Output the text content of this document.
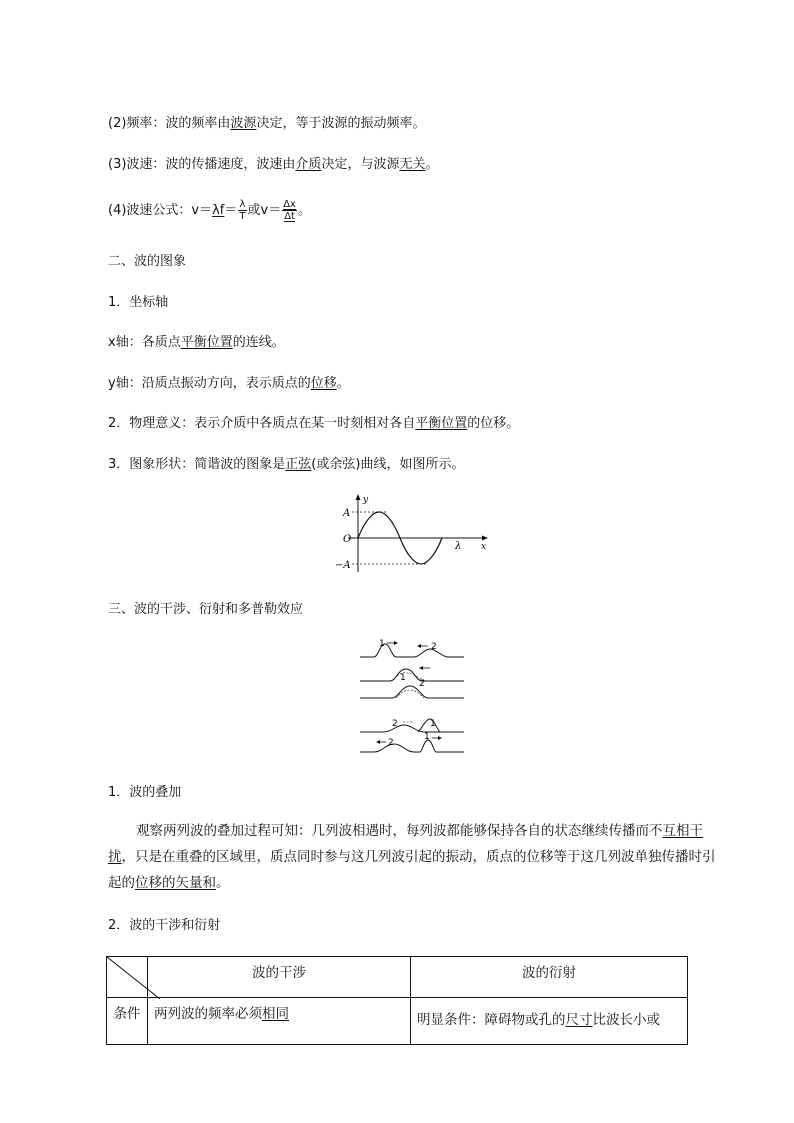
(2)频率：波的频率由波源决定，等于波源的振动频率。
(3)波速：波的传播速度，波速由介质决定，与波源无关。
(4)波速公式：$v=\lambda f= \frac{\lambda}{T}$ 或$v= \frac{\Delta x}{\Delta t}$ 。
二、波的图象
1．坐标轴
x轴：各质点平衡位置的连线。
y轴：沿质点振动方向，表示质点的位移。
2．物理意义：表示介质中各质点在某一时刻相对各自平衡位置的位移。
3．图象形状：简谐波的图象是正弦(或余弦)曲线，如图所示。
y
x
A
O
−A
λ
三、波的干涉、衍射和多普勒效应
1	2
1
2
2	1
2
1
1．波的叠加
观察两列波的叠加过程可知：几列波相遇时，每列波都能够保持各自的状态继续传播而不互相干扰，只是在重叠的区域里，质点同时参与这几列波引起的振动，质点的位移等于这几列波单独传播时引起的位移的矢量和。
2．波的干涉和衍射
	波的干涉	波的衍射
条件	两列波的频率必须相同	明显条件：障碍物或孔的尺寸比波长小或
